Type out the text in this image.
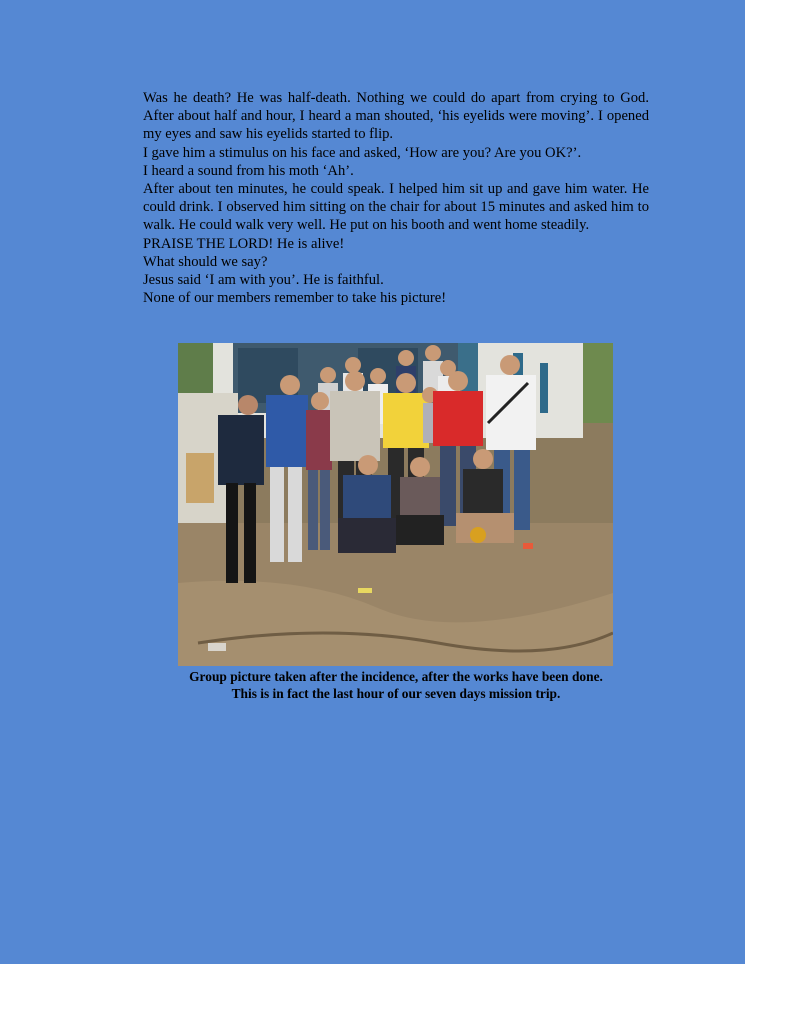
Was he death? He was half-death. Nothing we could do apart from crying to God. After about half and hour, I heard a man shouted, ‘his eyelids were moving’. I opened my eyes and saw his eyelids started to flip.

I gave him a stimulus on his face and asked, ‘How are you? Are you OK?’.

I heard a sound from his moth ‘Ah’.

After about ten minutes, he could speak. I helped him sit up and gave him water. He could drink. I observed him sitting on the chair for about 15 minutes and asked him to walk. He could walk very well. He put on his booth and went home steadily.

PRAISE THE LORD! He is alive!

What should we say?

Jesus said ‘I am with you’. He is faithful.

None of our members remember to take his picture!

Group picture taken after the incidence, after the works have been done.
This is in fact the last hour of our seven days mission trip.
